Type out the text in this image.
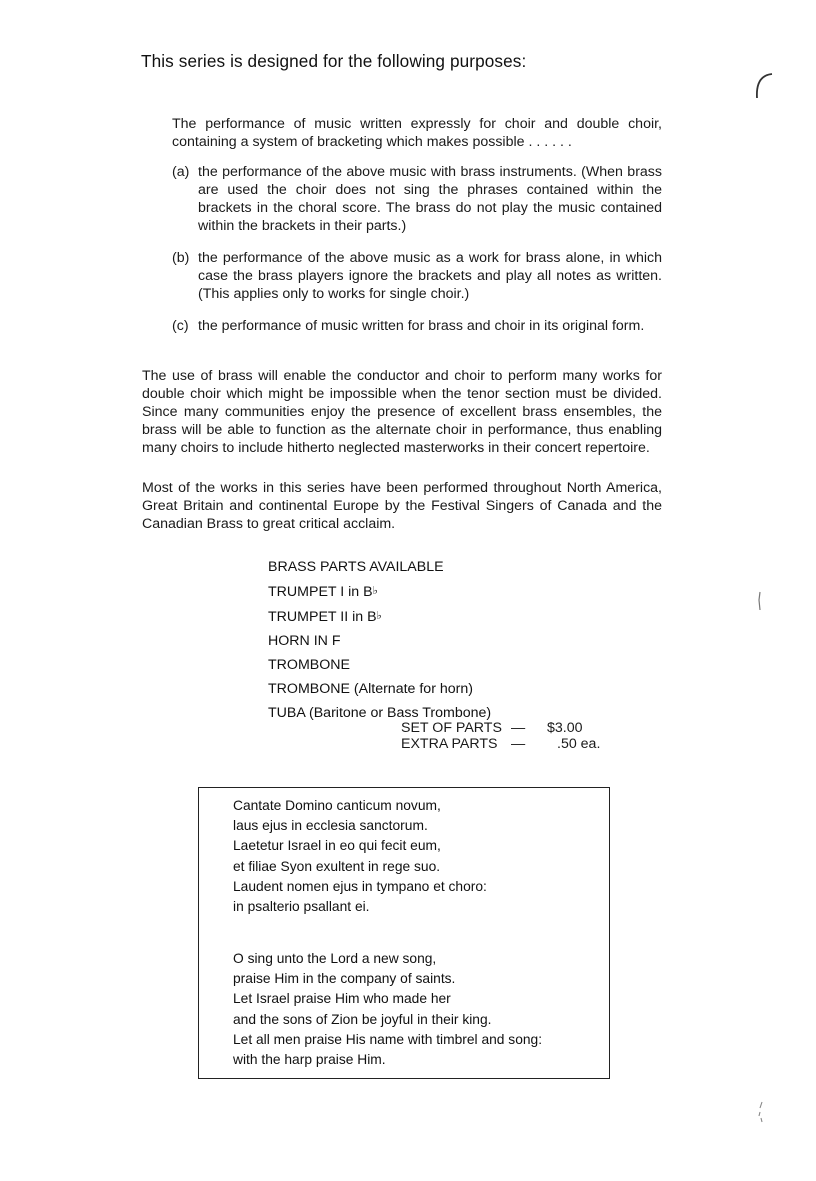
This series is designed for the following purposes:

The performance of music written expressly for choir and double choir, containing a system of bracketing which makes possible . . . . . .

(a) the performance of the above music with brass instruments. (When brass are used the choir does not sing the phrases contained within the brackets in the choral score. The brass do not play the music contained within the brackets in their parts.)
(b) the performance of the above music as a work for brass alone, in which case the brass players ignore the brackets and play all notes as written. (This applies only to works for single choir.)
(c) the performance of music written for brass and choir in its original form.

The use of brass will enable the conductor and choir to perform many works for double choir which might be impossible when the tenor section must be divided. Since many communities enjoy the presence of excellent brass ensembles, the brass will be able to function as the alternate choir in performance, thus enabling many choirs to include hitherto neglected masterworks in their concert repertoire.

Most of the works in this series have been performed throughout North America, Great Britain and continental Europe by the Festival Singers of Canada and the Canadian Brass to great critical acclaim.

BRASS PARTS AVAILABLE
TRUMPET I in B♭
TRUMPET II in B♭
HORN IN F
TROMBONE
TROMBONE (Alternate for horn)
TUBA (Baritone or Bass Trombone)
SET OF PARTS —	$3.00
EXTRA PARTS —	.50 ea.
Cantate Domino canticum novum,
laus ejus in ecclesia sanctorum.
Laetetur Israel in eo qui fecit eum,
et filiae Syon exultent in rege suo.
Laudent nomen ejus in tympano et choro:
in psalterio psallant ei.
O sing unto the Lord a new song,
praise Him in the company of saints.
Let Israel praise Him who made her
and the sons of Zion be joyful in their king.
Let all men praise His name with timbrel and song:
with the harp praise Him.
